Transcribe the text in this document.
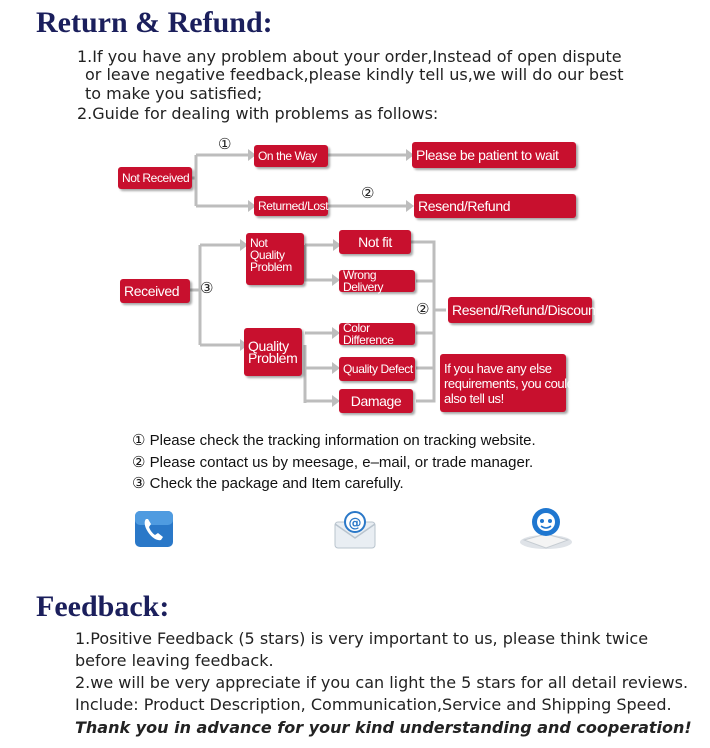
Return & Refund:
1.If you have any problem about your order,Instead of open dispute
or leave negative feedback,please kindly tell us,we will do our best
to make you satisfied;
2.Guide for dealing with problems as follows:
Not Received
On the Way
Returned/Lost
Please be patient to wait
Resend/Refund
Received
Not
Quality
Problem
Quality
Problem
Not fit
Wrong Delivery
Color Difference
Quality Defect
Damage
Resend/Refund/Discount
If you have any else
requirements, you could
also tell us!
①
②
③
②
① Please check the tracking information on tracking website.
② Please contact us by meesage, e–mail, or trade manager.
③ Check the package and Item carefully.
@
Feedback:
1.Positive Feedback (5 stars) is very important to us, please think twice
before leaving feedback.
2.we will be very appreciate if you can light the 5 stars for all detail reviews.
Include: Product Description, Communication,Service and Shipping Speed.
Thank you in advance for your kind understanding and cooperation!
